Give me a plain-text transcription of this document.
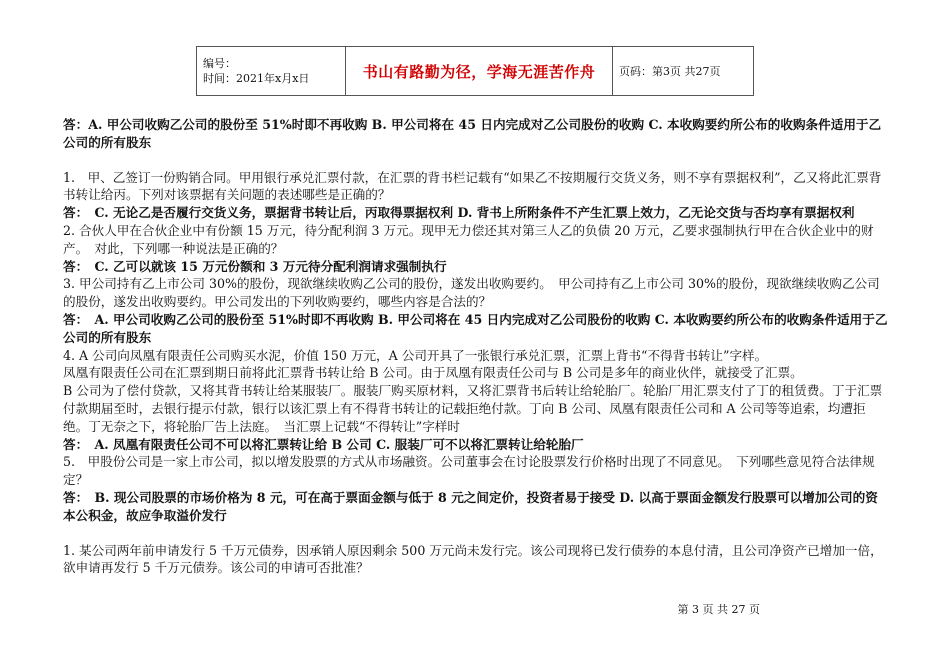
编号：
时间：2021年x月x日	书山有路勤为径，学海无涯苦作舟	页码：第3页 共27页

答：A. 甲公司收购乙公司的股份至 51%时即不再收购 B. 甲公司将在 45 日内完成对乙公司股份的收购 C. 本收购要约所公布的收购条件适用于乙公司的所有股东

1.　甲、乙签订一份购销合同。甲用银行承兑汇票付款，在汇票的背书栏记载有“如果乙不按期履行交货义务，则不享有票据权利”，乙又将此汇票背书转让给丙。下列对该票据有关问题的表述哪些是正确的？

答：　C. 无论乙是否履行交货义务，票据背书转让后，丙取得票据权利 D. 背书上所附条件不产生汇票上效力，乙无论交货与否均享有票据权利

2. 合伙人甲在合伙企业中有份额 15 万元，待分配利润 3 万元。现甲无力偿还其对第三人乙的负债 20 万元，乙要求强制执行甲在合伙企业中的财产。　对此，下列哪一种说法是正确的？

答：　C. 乙可以就该 15 万元份额和 3 万元待分配利润请求强制执行

3. 甲公司持有乙上市公司 30%的股份，现欲继续收购乙公司的股份，遂发出收购要约。　甲公司持有乙上市公司 30%的股份，现欲继续收购乙公司的股份，遂发出收购要约。甲公司发出的下列收购要约，哪些内容是合法的？

答：　A. 甲公司收购乙公司的股份至 51%时即不再收购 B. 甲公司将在 45 日内完成对乙公司股份的收购 C. 本收购要约所公布的收购条件适用于乙公司的所有股东

4. A 公司向凤凰有限责任公司购买水泥，价值 150 万元，A 公司开具了一张银行承兑汇票，汇票上背书“不得背书转让”字样。

凤凰有限责任公司在汇票到期日前将此汇票背书转让给 B 公司。由于凤凰有限责任公司与 B 公司是多年的商业伙伴，就接受了汇票。

B 公司为了偿付贷款，又将其背书转让给某服装厂。服装厂购买原材料，又将汇票背书后转让给轮胎厂。轮胎厂用汇票支付了丁的租赁费。丁于汇票付款期届至时，去银行提示付款，银行以该汇票上有不得背书转让的记载拒绝付款。丁向 B 公司、凤凰有限责任公司和 A 公司等等追索，均遭拒绝。丁无奈之下，将轮胎厂告上法庭。　当汇票上记载“不得转让”字样时

答：　A. 凤凰有限责任公司不可以将汇票转让给 B 公司 C. 服装厂可不以将汇票转让给轮胎厂

5.　甲股份公司是一家上市公司，拟以增发股票的方式从市场融资。公司董事会在讨论股票发行价格时出现了不同意见。　下列哪些意见符合法律规定？

答：　B. 现公司股票的市场价格为 8 元，可在高于票面金额与低于 8 元之间定价，投资者易于接受 D. 以高于票面金额发行股票可以增加公司的资本公积金，故应争取溢价发行

1. 某公司两年前申请发行 5 千万元债券，因承销人原因剩余 500 万元尚未发行完。该公司现将已发行债券的本息付清，且公司净资产已增加一倍，欲申请再发行 5 千万元债券。该公司的申请可否批准？

第 3 页 共 27 页
